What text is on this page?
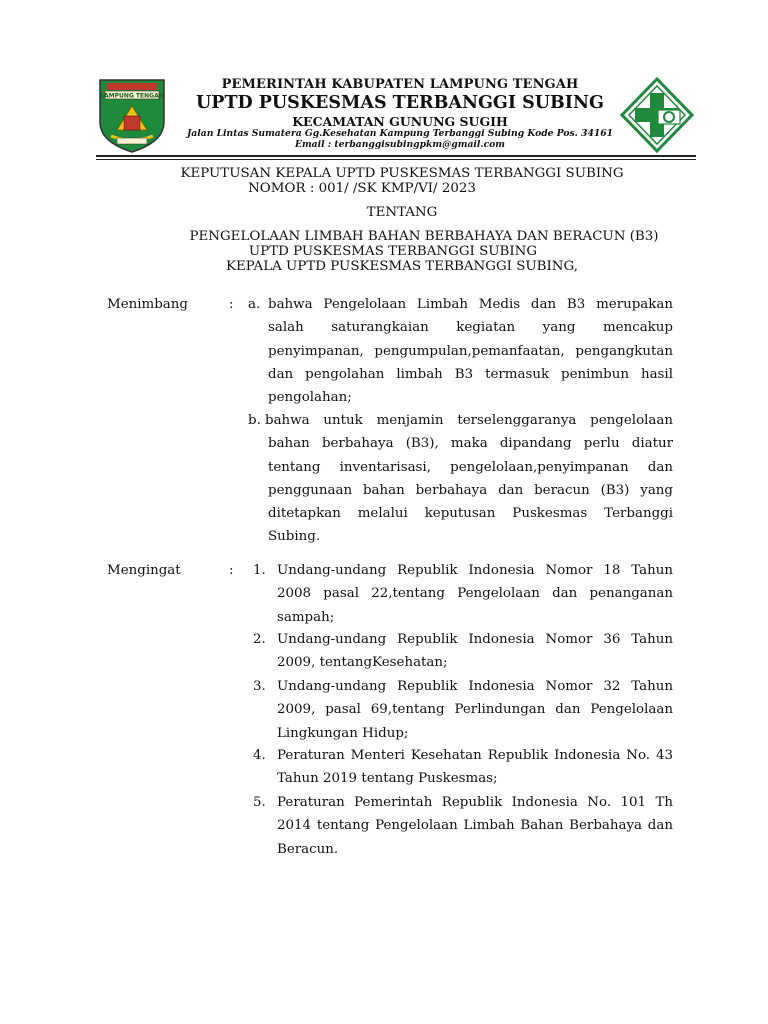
LAMPUNG TENGAH
PEMERINTAH KABUPATEN LAMPUNG TENGAH
UPTD PUSKESMAS TERBANGGI SUBING
KECAMATAN GUNUNG SUGIH
Jalan Lintas Sumatera Gg.Kesehatan Kampung Terbanggi Subing Kode Pos. 34161
Email : terbanggisubingpkm@gmail.com
KEPUTUSAN KEPALA UPTD PUSKESMAS TERBANGGI SUBING
NOMOR : 001/ /SK KMP/VI/ 2023
TENTANG
PENGELOLAAN LIMBAH BAHAN BERBAHAYA DAN BERACUN (B3)
UPTD PUSKESMAS TERBANGGI SUBING
KEPALA UPTD PUSKESMAS TERBANGGI SUBING,
Menimbang	: a. bahwa Pengelolaan Limbah Medis dan B3 merupakan salah saturangkaian kegiatan yang mencakup penyimpanan, pengumpulan,pemanfaatan, pengangkutan dan pengolahan limbah B3 termasuk penimbun hasil pengolahan;
b. bahwa untuk menjamin terselenggaranya pengelolaan bahan berbahaya (B3), maka dipandang perlu diatur tentang inventarisasi, pengelolaan,penyimpanan dan penggunaan bahan berbahaya dan beracun (B3) yang ditetapkan melalui keputusan Puskesmas Terbanggi Subing.
Mengingat	: 1. Undang-undang Republik Indonesia Nomor 18 Tahun 2008 pasal 22,tentang Pengelolaan dan penanganan sampah;
2. Undang-undang Republik Indonesia Nomor 36 Tahun 2009, tentangKesehatan;
3. Undang-undang Republik Indonesia Nomor 32 Tahun 2009, pasal 69,tentang Perlindungan dan Pengelolaan Lingkungan Hidup;
4. Peraturan Menteri Kesehatan Republik Indonesia No. 43 Tahun 2019 tentang Puskesmas;
5. Peraturan Pemerintah Republik Indonesia No. 101 Th 2014 tentang Pengelolaan Limbah Bahan Berbahaya dan Beracun.
